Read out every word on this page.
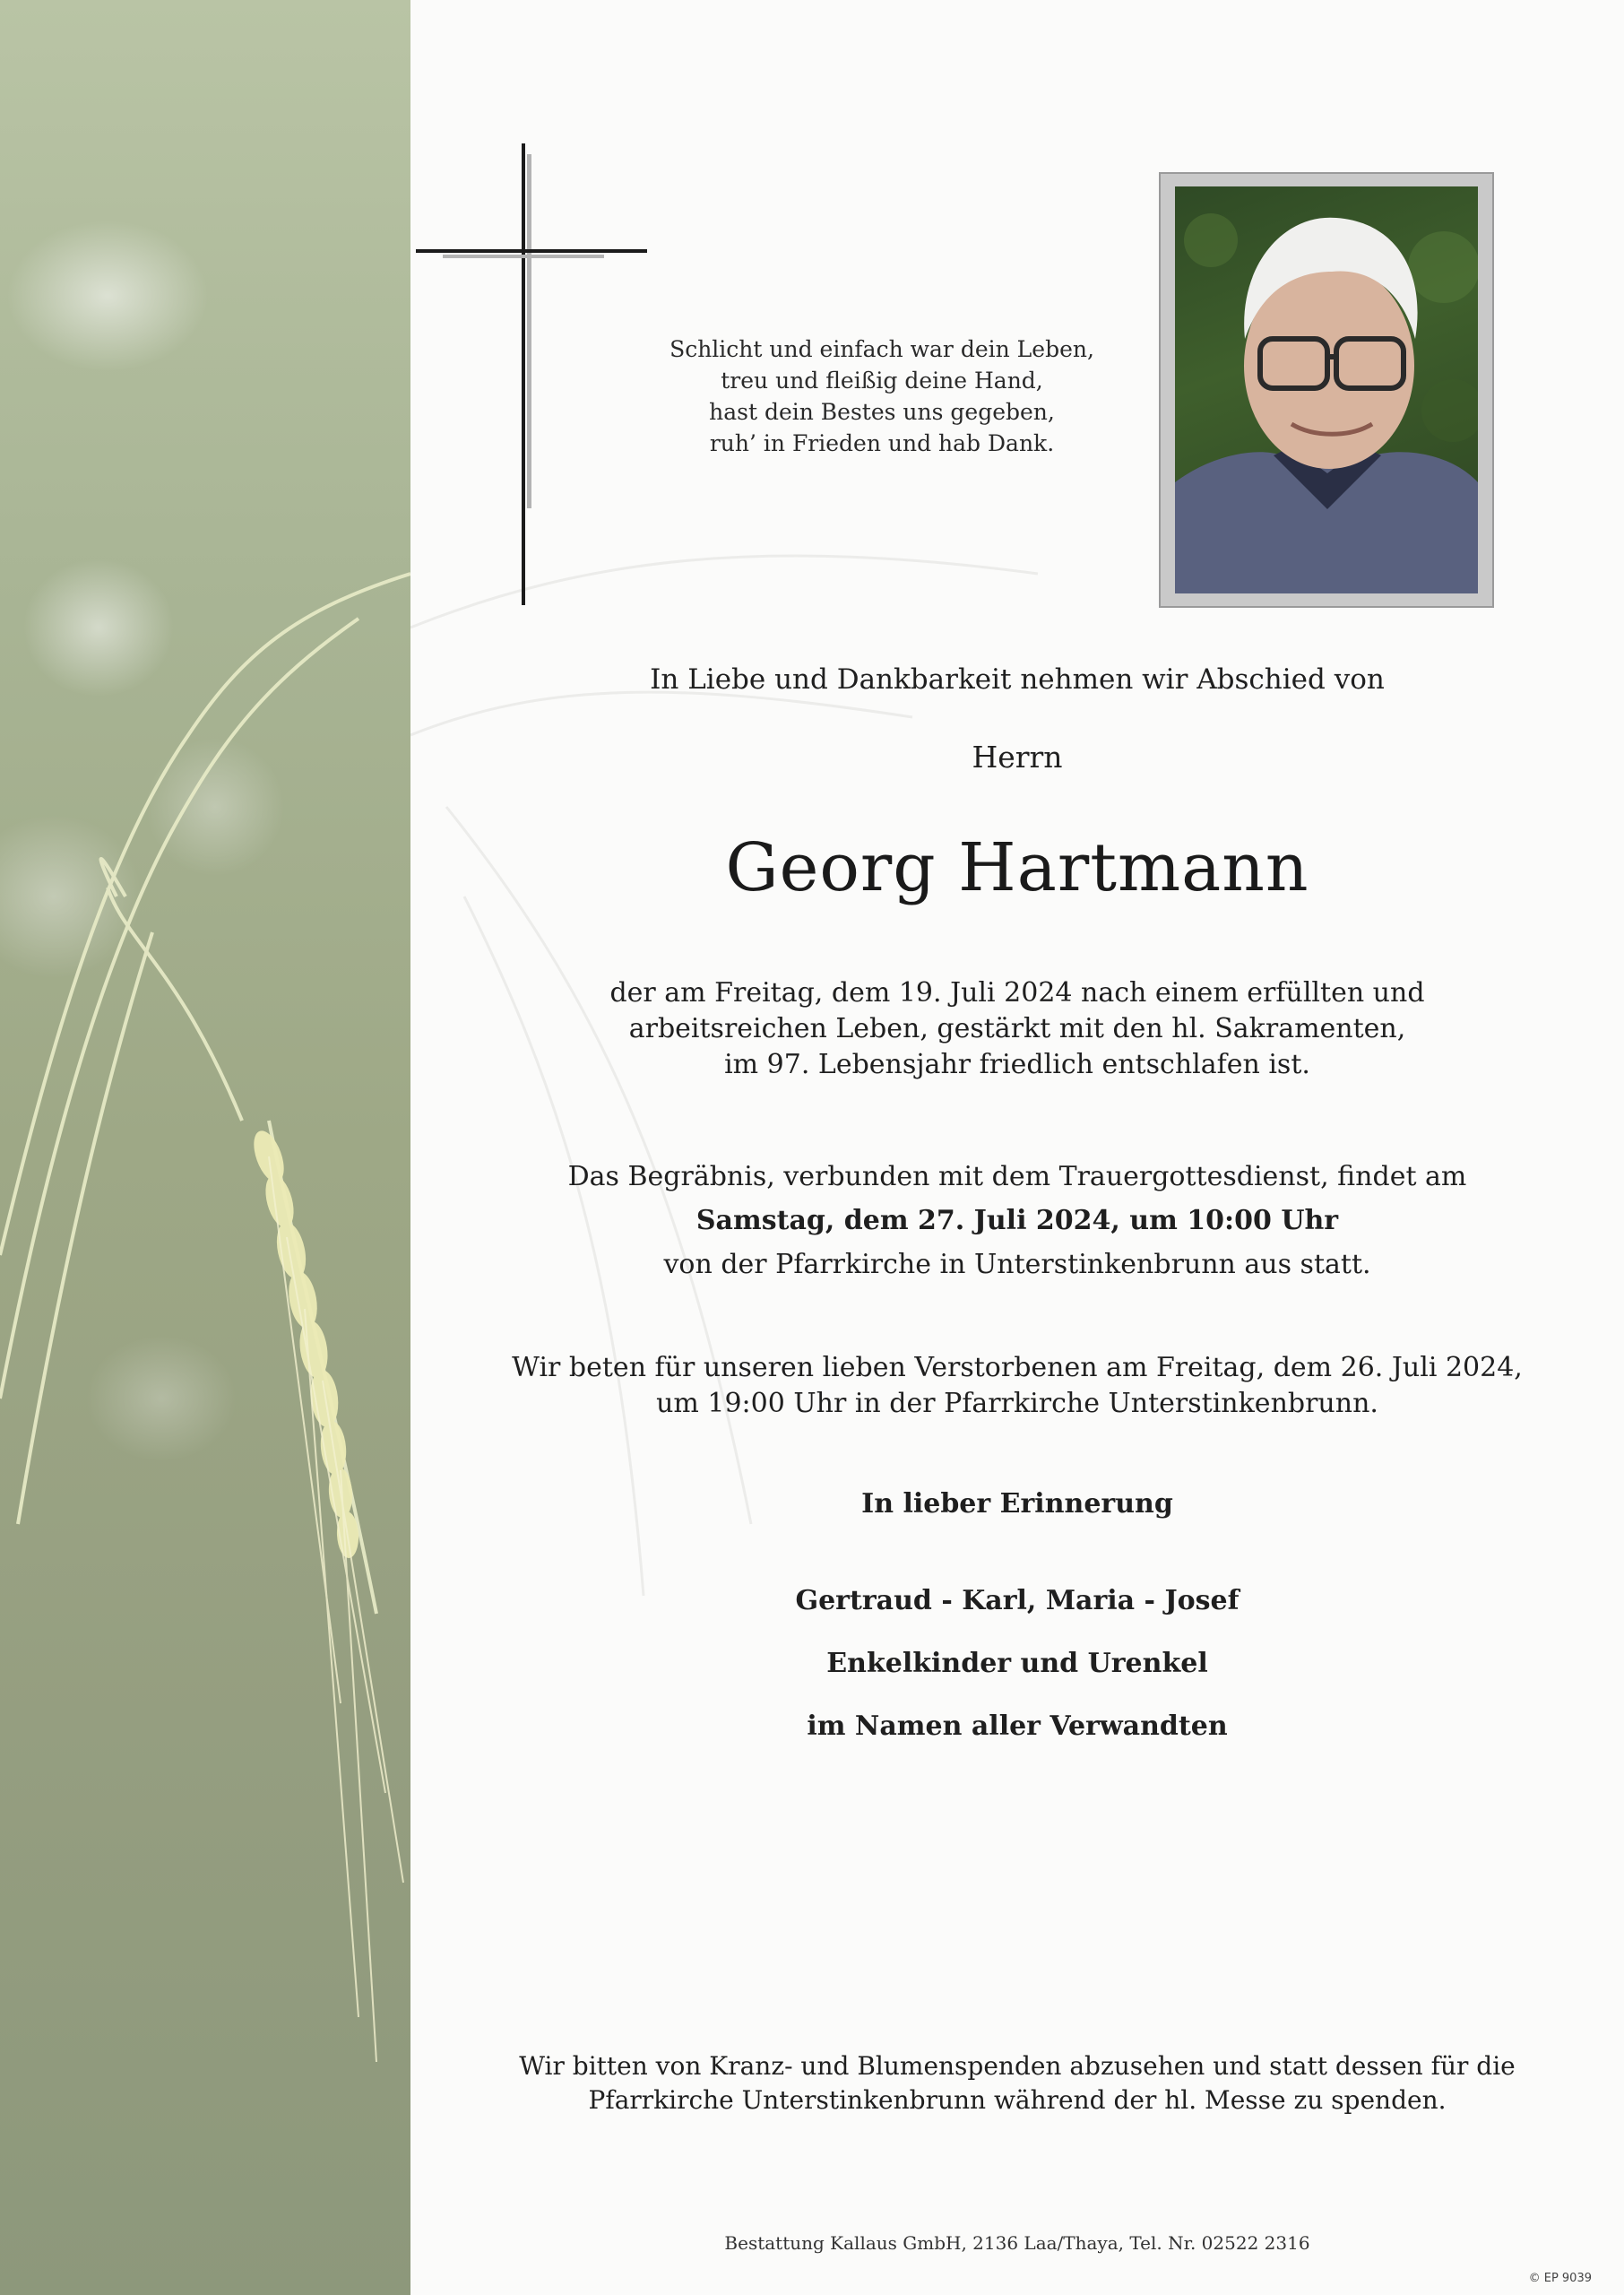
Schlicht und einfach war dein Leben,
treu und fleißig deine Hand,
hast dein Bestes uns gegeben,
ruh’ in Frieden und hab Dank.
In Liebe und Dankbarkeit nehmen wir Abschied von
Herrn
Georg Hartmann
der am Freitag, dem 19. Juli 2024 nach einem erfüllten und
arbeitsreichen Leben, gestärkt mit den hl. Sakramenten,
im 97. Lebensjahr friedlich entschlafen ist.
Das Begräbnis, verbunden mit dem Trauergottesdienst, findet am
Samstag, dem 27. Juli 2024, um 10:00 Uhr
von der Pfarrkirche in Unterstinkenbrunn aus statt.
Wir beten für unseren lieben Verstorbenen am Freitag, dem 26. Juli 2024,
um 19:00 Uhr in der Pfarrkirche Unterstinkenbrunn.
In lieber Erinnerung
Gertraud - Karl, Maria - Josef
Enkelkinder und Urenkel
im Namen aller Verwandten
Wir bitten von Kranz- und Blumenspenden abzusehen und statt dessen für die
Pfarrkirche Unterstinkenbrunn während der hl. Messe zu spenden.
Bestattung Kallaus GmbH, 2136 Laa/Thaya, Tel. Nr. 02522 2316
© EP 9039
